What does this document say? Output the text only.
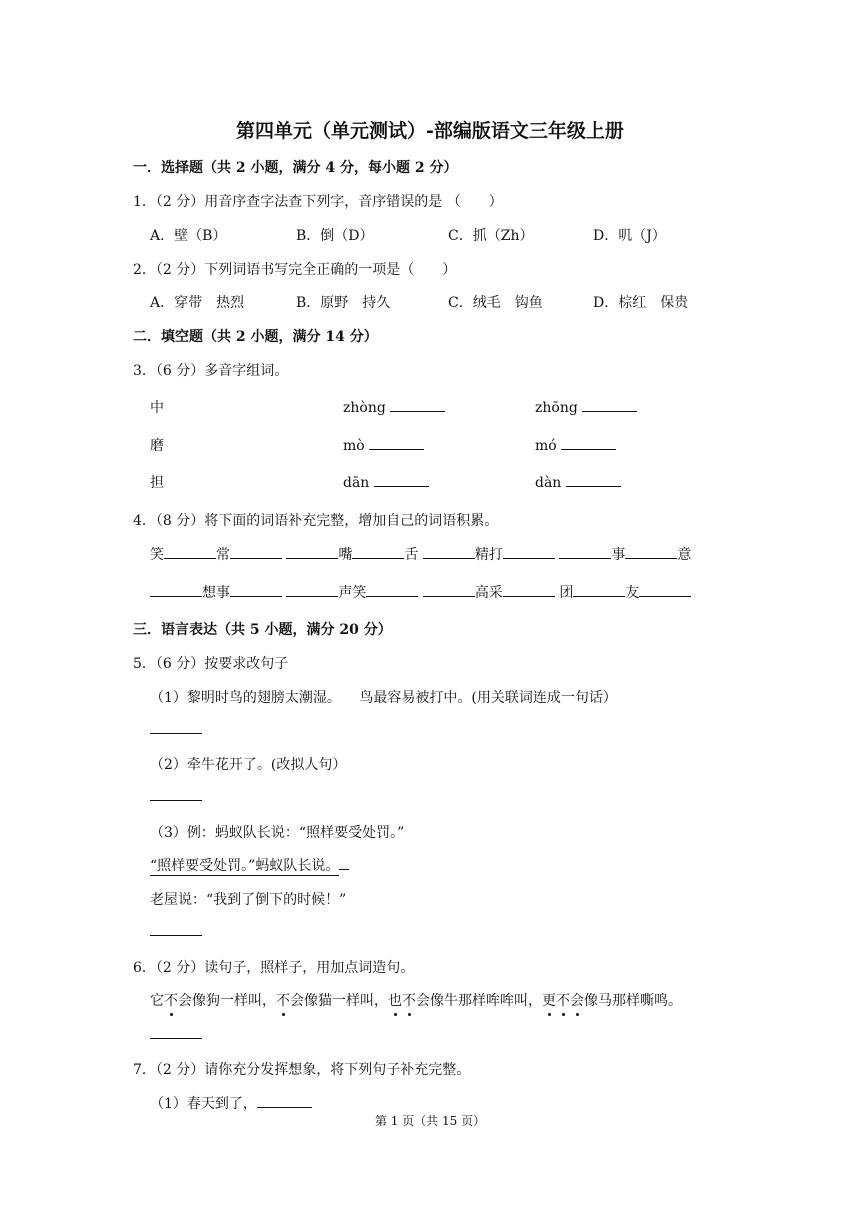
第四单元（单元测试）-部编版语文三年级上册
一．选择题（共 2 小题，满分 4 分，每小题 2 分）
1．（2 分）用音序查字法查下列字，音序错误的是 （　　）
A．壁（B）	B．倒（D）	C．抓（Zh）	D．叽（J）
2．（2 分）下列词语书写完全正确的一项是（　　）
A．穿带　热烈	B．原野　持久	C．绒毛　钩鱼	D．棕红　保贵
二．填空题（共 2 小题，满分 14 分）
3．（6 分）多音字组词。
中	zhòng	zhōng
磨	mò	mó
担	dān	dàn
4．（8 分）将下面的词语补充完整，增加自己的词语积累。
笑	常	嘴	舌	精打	事	意
想事	声笑	高采	团	友
三．语言表达（共 5 小题，满分 20 分）
5．（6 分）按要求改句子
（1）黎明时鸟的翅膀太潮湿。 鸟最容易被打中。(用关联词连成一句话）
（2）牵牛花开了。(改拟人句）
（3）例：蚂蚁队长说：“照样要受处罚。”
“照样要受处罚。”蚂蚁队长说。
老屋说：“我到了倒下的时候！”
6．（2 分）读句子，照样子，用加点词造句。
它不会像狗一样叫，不会像猫一样叫，也不会像牛那样哞哞叫，更不会像马那样嘶鸣。
7．（2 分）请你充分发挥想象，将下列句子补充完整。
（1）春天到了，
第 1 页（共 15 页）
